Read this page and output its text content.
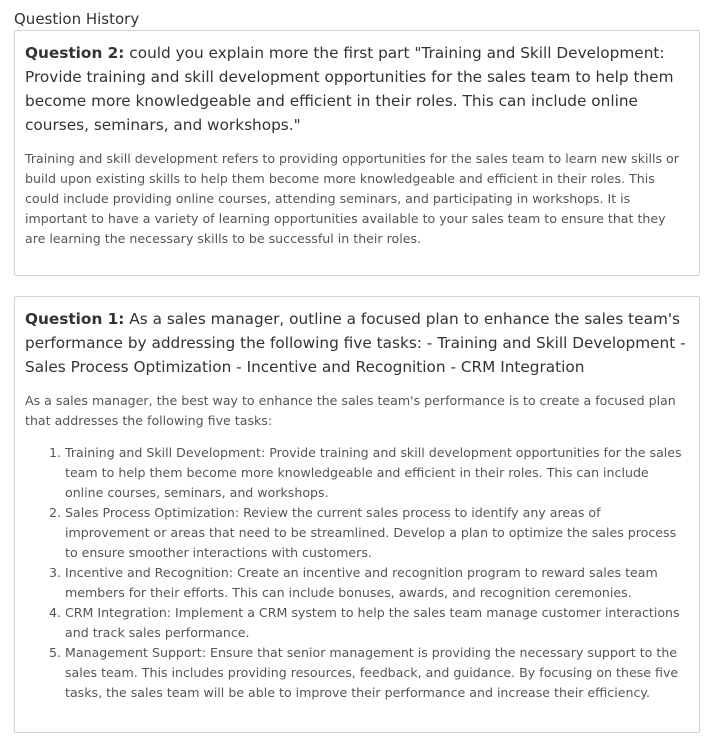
Question History
Question 2: could you explain more the first part "Training and Skill Development: Provide training and skill development opportunities for the sales team to help them become more knowledgeable and efficient in their roles. This can include online courses, seminars, and workshops."

Training and skill development refers to providing opportunities for the sales team to learn new skills or build upon existing skills to help them become more knowledgeable and efficient in their roles. This could include providing online courses, attending seminars, and participating in workshops. It is important to have a variety of learning opportunities available to your sales team to ensure that they are learning the necessary skills to be successful in their roles.

Question 1: As a sales manager, outline a focused plan to enhance the sales team's performance by addressing the following five tasks: - Training and Skill Development - Sales Process Optimization - Incentive and Recognition - CRM Integration

As a sales manager, the best way to enhance the sales team's performance is to create a focused plan that addresses the following five tasks:

1. Training and Skill Development: Provide training and skill development opportunities for the sales team to help them become more knowledgeable and efficient in their roles. This can include online courses, seminars, and workshops.
2. Sales Process Optimization: Review the current sales process to identify any areas of improvement or areas that need to be streamlined. Develop a plan to optimize the sales process to ensure smoother interactions with customers.
3. Incentive and Recognition: Create an incentive and recognition program to reward sales team members for their efforts. This can include bonuses, awards, and recognition ceremonies.
4. CRM Integration: Implement a CRM system to help the sales team manage customer interactions and track sales performance.
5. Management Support: Ensure that senior management is providing the necessary support to the sales team. This includes providing resources, feedback, and guidance. By focusing on these five tasks, the sales team will be able to improve their performance and increase their efficiency.
